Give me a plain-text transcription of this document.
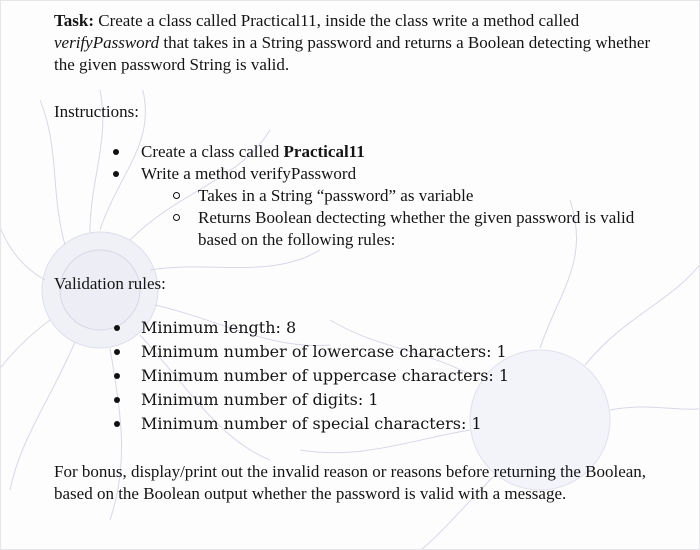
Task: Create a class called Practical11, inside the class write a method called verifyPassword that takes in a String password and returns a Boolean detecting whether the given password String is valid.

Instructions:

Create a class called Practical11
Write a method verifyPassword
Takes in a String “password” as variable
Returns Boolean dectecting whether the given password is valid based on the following rules:

Validation rules:

Minimum length: 8
Minimum number of lowercase characters: 1
Minimum number of uppercase characters: 1
Minimum number of digits: 1
Minimum number of special characters: 1

For bonus, display/print out the invalid reason or reasons before returning the Boolean, based on the Boolean output whether the password is valid with a message.
